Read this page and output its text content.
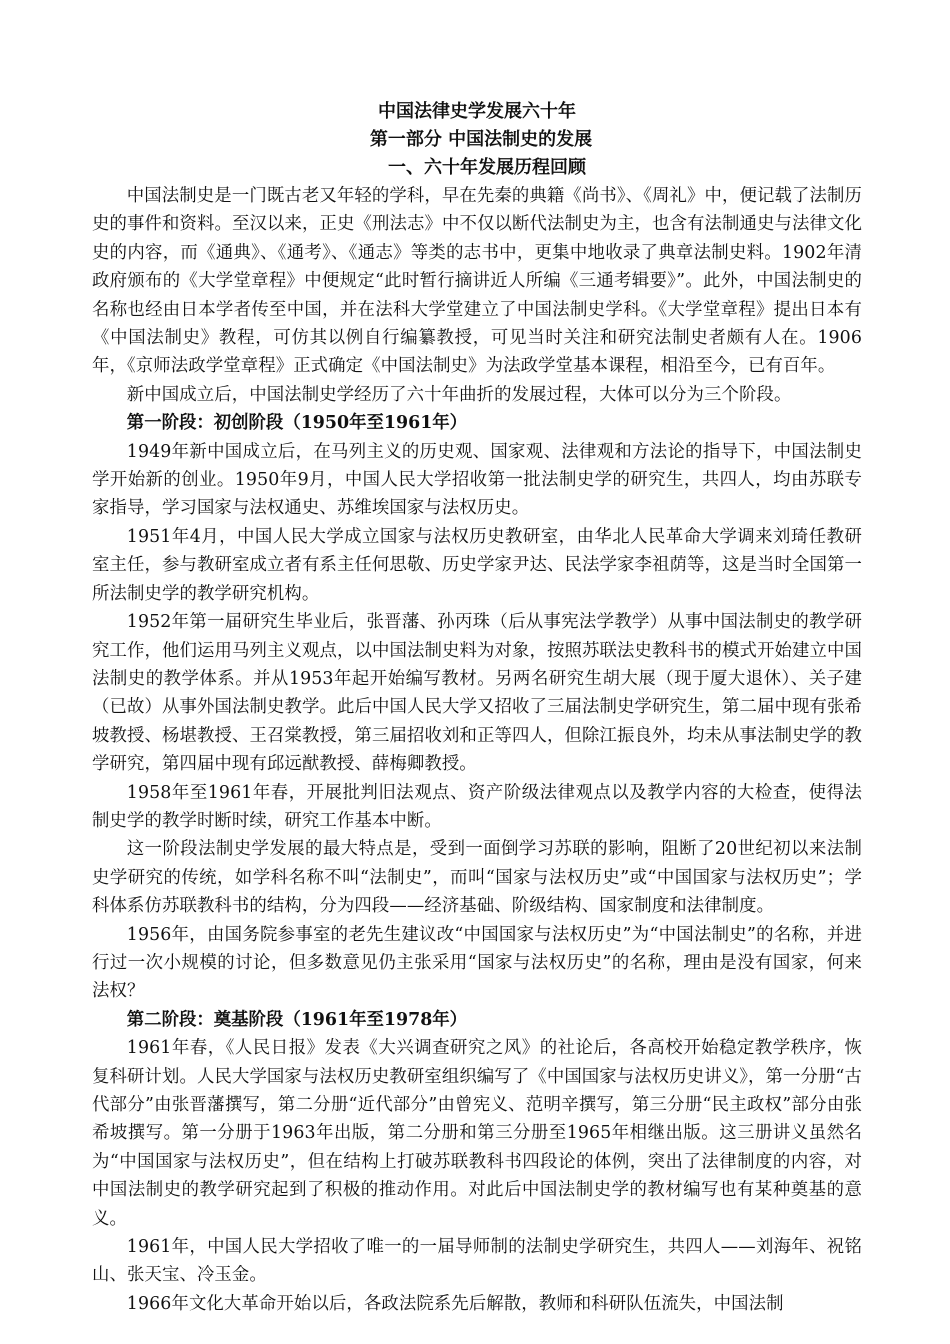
中国法律史学发展六十年

第一部分 中国法制史的发展

一、六十年发展历程回顾

中国法制史是一门既古老又年轻的学科，早在先秦的典籍《尚书》、《周礼》中，便记载了法制历史的事件和资料。至汉以来，正史《刑法志》中不仅以断代法制史为主，也含有法制通史与法律文化史的内容，而《通典》、《通考》、《通志》等类的志书中，更集中地收录了典章法制史料。1902年清政府颁布的《大学堂章程》中便规定“此时暂行摘讲近人所编《三通考辑要》”。此外，中国法制史的名称也经由日本学者传至中国，并在法科大学堂建立了中国法制史学科。《大学堂章程》提出日本有《中国法制史》教程，可仿其以例自行编纂教授，可见当时关注和研究法制史者颇有人在。1906年，《京师法政学堂章程》正式确定《中国法制史》为法政学堂基本课程，相沿至今，已有百年。

新中国成立后，中国法制史学经历了六十年曲折的发展过程，大体可以分为三个阶段。

第一阶段：初创阶段（1950年至1961年）

1949年新中国成立后，在马列主义的历史观、国家观、法律观和方法论的指导下，中国法制史学开始新的创业。1950年9月，中国人民大学招收第一批法制史学的研究生，共四人，均由苏联专家指导，学习国家与法权通史、苏维埃国家与法权历史。

1951年4月，中国人民大学成立国家与法权历史教研室，由华北人民革命大学调来刘琦任教研室主任，参与教研室成立者有系主任何思敬、历史学家尹达、民法学家李祖荫等，这是当时全国第一所法制史学的教学研究机构。

1952年第一届研究生毕业后，张晋藩、孙丙珠（后从事宪法学教学）从事中国法制史的教学研究工作，他们运用马列主义观点，以中国法制史料为对象，按照苏联法史教科书的模式开始建立中国法制史的教学体系。并从1953年起开始编写教材。另两名研究生胡大展（现于厦大退休）、关子建（已故）从事外国法制史教学。此后中国人民大学又招收了三届法制史学研究生，第二届中现有张希坡教授、杨堪教授、王召棠教授，第三届招收刘和正等四人，但除江振良外，均未从事法制史学的教学研究，第四届中现有邱远猷教授、薛梅卿教授。

1958年至1961年春，开展批判旧法观点、资产阶级法律观点以及教学内容的大检查，使得法制史学的教学时断时续，研究工作基本中断。

这一阶段法制史学发展的最大特点是，受到一面倒学习苏联的影响，阻断了20世纪初以来法制史学研究的传统，如学科名称不叫“法制史”，而叫“国家与法权历史”或“中国国家与法权历史”；学科体系仿苏联教科书的结构，分为四段——经济基础、阶级结构、国家制度和法律制度。

1956年，由国务院参事室的老先生建议改“中国国家与法权历史”为“中国法制史”的名称，并进行过一次小规模的讨论，但多数意见仍主张采用“国家与法权历史”的名称，理由是没有国家，何来法权？

第二阶段：奠基阶段（1961年至1978年）

1961年春，《人民日报》发表《大兴调查研究之风》的社论后，各高校开始稳定教学秩序，恢复科研计划。人民大学国家与法权历史教研室组织编写了《中国国家与法权历史讲义》，第一分册“古代部分”由张晋藩撰写，第二分册“近代部分”由曾宪义、范明辛撰写，第三分册“民主政权”部分由张希坡撰写。第一分册于1963年出版，第二分册和第三分册至1965年相继出版。这三册讲义虽然名为“中国国家与法权历史”，但在结构上打破苏联教科书四段论的体例，突出了法律制度的内容，对中国法制史的教学研究起到了积极的推动作用。对此后中国法制史学的教材编写也有某种奠基的意义。

1961年，中国人民大学招收了唯一的一届导师制的法制史学研究生，共四人——刘海年、祝铭山、张天宝、冷玉金。

1966年文化大革命开始以后，各政法院系先后解散，教师和科研队伍流失，中国法制
